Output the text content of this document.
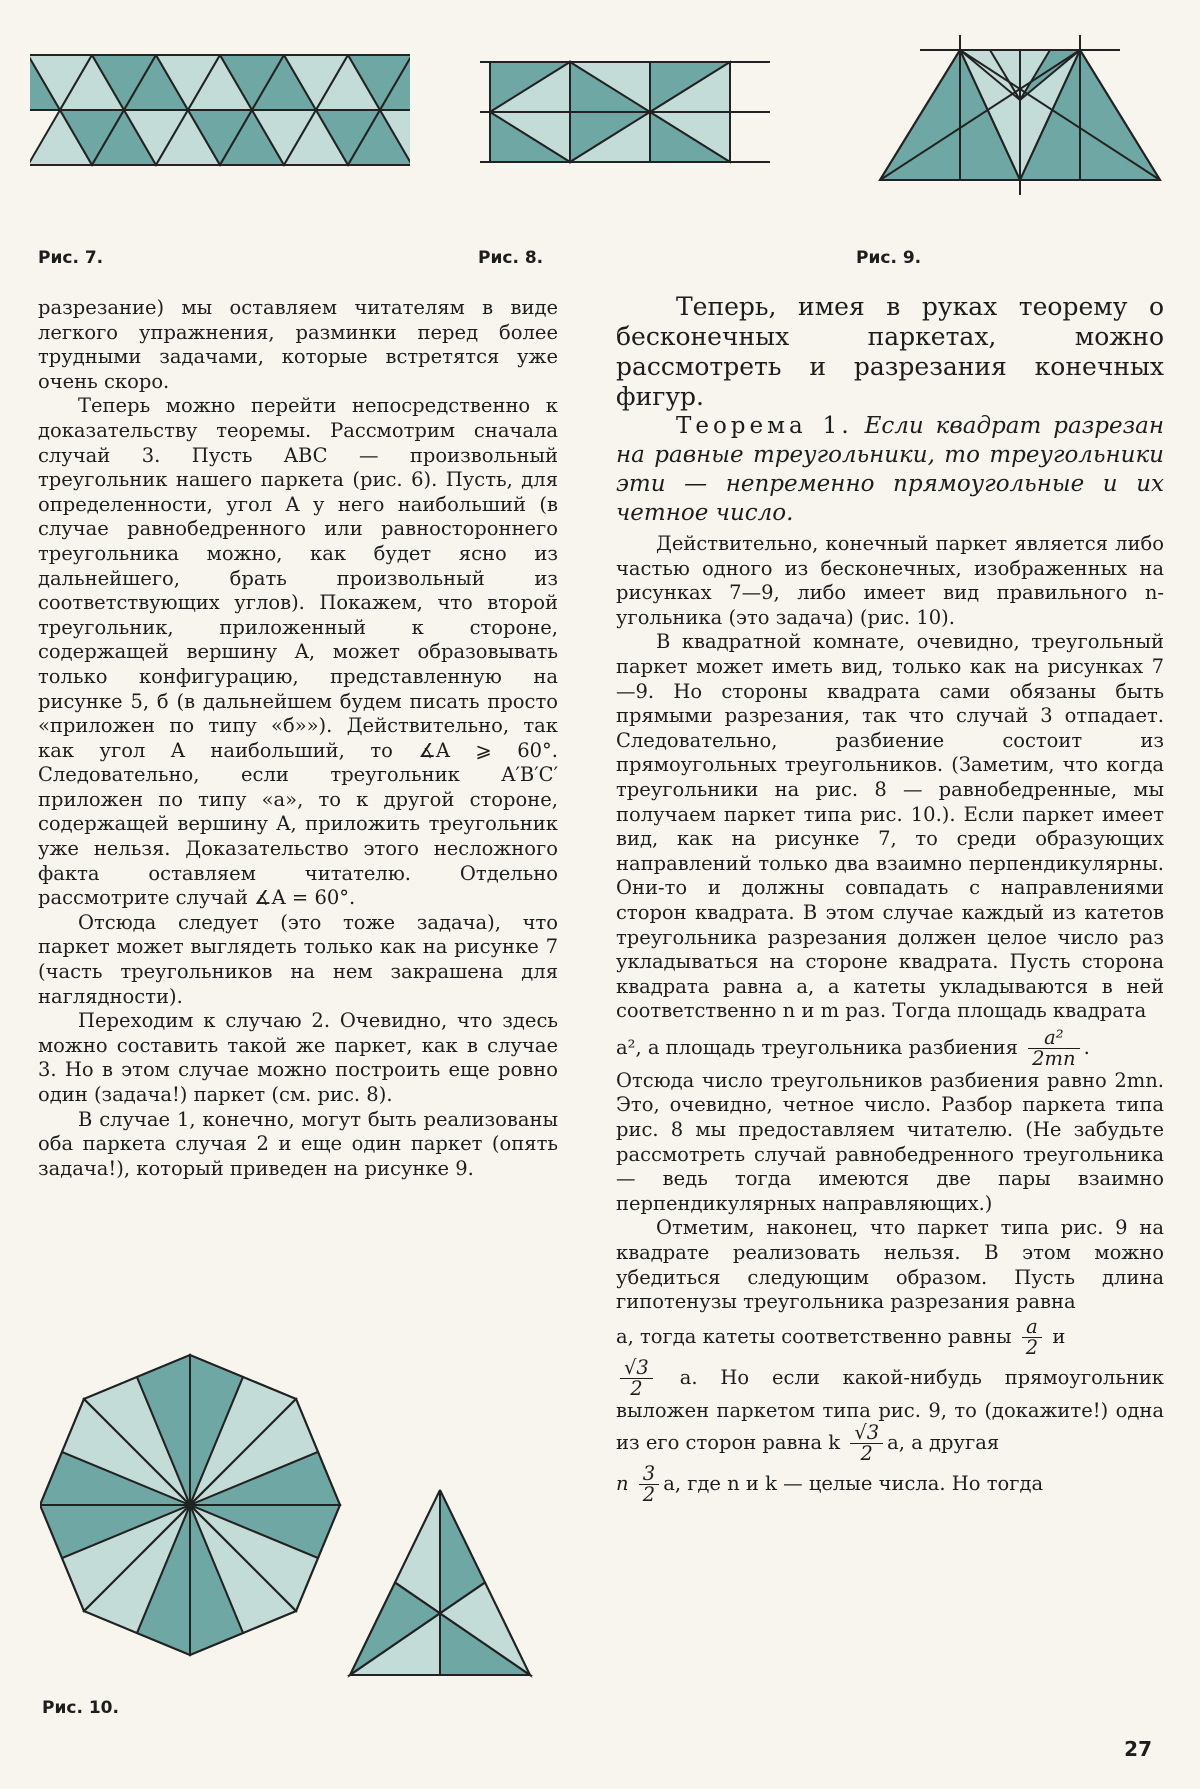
Рис. 7.	Рис. 8.	Рис. 9.

разрезание) мы оставляем читателям в виде легкого упражнения, разминки перед более трудными задачами, которые встретятся уже очень скоро.

Теперь можно перейти непосредственно к доказательству теоремы. Рассмотрим сначала случай 3. Пусть ABC — произвольный треугольник нашего паркета (рис. 6). Пусть, для определенности, угол A у него наибольший (в случае равнобедренного или равностороннего треугольника можно, как будет ясно из дальнейшего, брать произвольный из соответствующих углов). Покажем, что второй треугольник, приложенный к стороне, содержащей вершину A, может образовывать только конфигурацию, представленную на рисунке 5, б (в дальнейшем будем писать просто «приложен по типу «б»»). Действительно, так как угол A наибольший, то ∡A ⩾ 60°. Следовательно, если треугольник A′B′C′ приложен по типу «а», то к другой стороне, содержащей вершину A, приложить треугольник уже нельзя. Доказательство этого несложного факта оставляем читателю. Отдельно рассмотрите случай ∡A = 60°.

Отсюда следует (это тоже задача), что паркет может выглядеть только как на рисунке 7 (часть треугольников на нем закрашена для наглядности).

Переходим к случаю 2. Очевидно, что здесь можно составить такой же паркет, как в случае 3. Но в этом случае можно построить еще ровно один (задача!) паркет (см. рис. 8).

В случае 1, конечно, могут быть реализованы оба паркета случая 2 и еще один паркет (опять задача!), который приведен на рисунке 9.

Рис. 10.

Теперь, имея в руках теорему о бесконечных паркетах, можно рассмотреть и разрезания конечных фигур.

Теорема 1. Если квадрат разрезан на равные треугольники, то треугольники эти — непременно прямоугольные и их четное число.

Действительно, конечный паркет является либо частью одного из бесконечных, изображенных на рисунках 7—9, либо имеет вид правильного n-угольника (это задача) (рис. 10).

В квадратной комнате, очевидно, треугольный паркет может иметь вид, только как на рисунках 7—9. Но стороны квадрата сами обязаны быть прямыми разрезания, так что случай 3 отпадает. Следовательно, разбиение состоит из прямоугольных треугольников. (Заметим, что когда треугольники на рис. 8 — равнобедренные, мы получаем паркет типа рис. 10.). Если паркет имеет вид, как на рисунке 7, то среди образующих направлений только два взаимно перпендикулярны. Они-то и должны совпадать с направлениями сторон квадрата. В этом случае каждый из катетов треугольника разрезания должен целое число раз укладываться на стороне квадрата. Пусть сторона квадрата равна a, а катеты укладываются в ней соответственно n и m раз. Тогда площадь квадрата

a², а площадь треугольника разбиения $\frac{\text{a²}}{2mn}$ .

Отсюда число треугольников разбиения равно 2mn. Это, очевидно, четное число. Разбор паркета типа рис. 8 мы предоставляем читателю. (Не забудьте рассмотреть случай равнобедренного треугольника — ведь тогда имеются две пары взаимно перпендикулярных направляющих.)

Отметим, наконец, что паркет типа рис. 9 на квадрате реализовать нельзя. В этом можно убедиться следующим образом. Пусть длина гипотенузы треугольника разрезания равна

a, тогда катеты соответственно равны $\frac{a}{2}$ и

$\frac{√3}{2} a$. Но если какой-нибудь прямоугольник выложен паркетом типа рис. 9, то (докажите!) одна из его сторон равна k $\frac{√3}{2} a$, а другая

n $\frac{3}{2} a$, где n и k — целые числа. Но тогда

27
